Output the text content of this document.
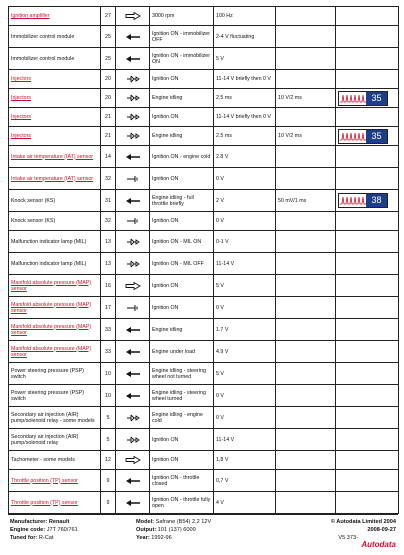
Ignition amplifier	27		3000 rpm	100 Hz		
Immobilizer control module	25		Ignition ON - immobilizer OFF	2-4 V fluctuating		
Immobilizer control module	25		Ignition ON - immobilizer ON	5 V		
Injectors	20		Ignition ON	11-14 V briefly then 0 V		
Injectors	20		Engine idling	2.5 ms	10 V/2 ms	35

Injectors	21		Ignition ON	11-14 V briefly then 0 V		
Injectors	21		Engine idling	2.5 ms	10 V/2 ms	35

Intake air temperature (IAT) sensor	14		Ignition ON - engine cold	2.8 V		
Intake air temperature (IAT) sensor	32		Ignition ON	0 V		
Knock sensor (KS)	31		Engine idling - full throttle briefly	2 V	50 mV/1 ms	38

Knock sensor (KS)	32		Ignition ON	0 V		
Malfunction indicator lamp (MIL)	13		Ignition ON - MIL ON	0-1 V		
Malfunction indicator lamp (MIL)	13		Ignition ON - MIL OFF	11-14 V		
Manifold absolute pressure (MAP) sensor	16		Ignition ON	5 V		
Manifold absolute pressure (MAP) sensor	17		Ignition ON	0 V		
Manifold absolute pressure (MAP) sensor	33		Engine idling	1.7 V		
Manifold absolute pressure (MAP) sensor	33		Engine under load	4.9 V		
Power steering pressure (PSP) switch	10		Engine idling - steering wheel not turned	5 V		
Power steering pressure (PSP) switch	10		Engine idling - steering wheel turned	0 V		
Secondary air injection (AIR) pump/solenoid relay - some models	5		Engine idling - engine cold	0 V		
Secondary air injection (AIR) pump/solenoid relay	5		Ignition ON	11-14 V		
Tachometer - some models	12		Ignition ON	1,8 V		
Throttle position (TP) sensor	9		Ignition ON - throttle closed	0,7 V		
Throttle position (TP) sensor	9		Ignition ON - throttle fully open	4 V		
Manufacturer: Renault
Engine code: J7T 760/761
Tuned for: R-Cat
Model: Safrane (B54) 2,2 12V
Output: 101 (137) 6000
Year: 1992-96
© Autodata Limited 2004
2008-09-27
V5.373-
Autodata
